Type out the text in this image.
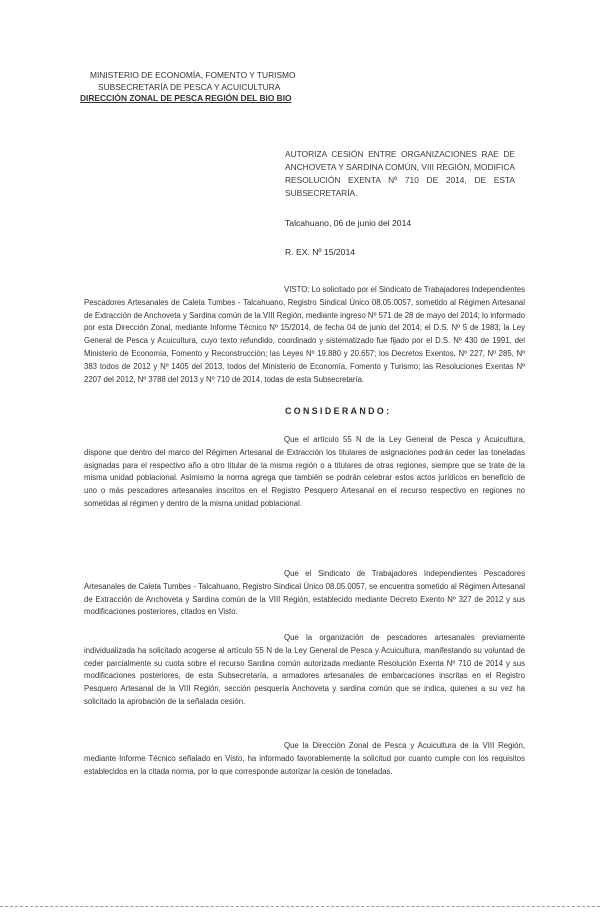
MINISTERIO DE ECONOMÍA, FOMENTO Y TURISMO
SUBSECRETARÍA DE PESCA Y ACUICULTURA
DIRECCIÓN ZONAL DE PESCA REGIÓN DEL BIO BIO
AUTORIZA CESIÓN ENTRE ORGANIZACIONES RAE DE ANCHOVETA Y SARDINA COMÚN, VIII REGIÓN, MODIFICA RESOLUCIÓN EXENTA Nº 710 DE 2014, DE ESTA SUBSECRETARÍA.
Talcahuano, 06 de junio del 2014
R. EX. Nº 15/2014
VISTO: Lo solicitado por el Sindicato de Trabajadores Independientes Pescadores Artesanales de Caleta Tumbes - Talcahuano, Registro Sindical Único 08.05.0057, sometido al Régimen Artesanal de Extracción de Anchoveta y Sardina común de la VIII Región, mediante ingreso Nº 571 de 28 de mayo del 2014; lo informado por esta Dirección Zonal, mediante Informe Técnico Nº 15/2014, de fecha 04 de junio del 2014; el D.S. Nº 5 de 1983; la Ley General de Pesca y Acuicultura, cuyo texto refundido, coordinado y sistematizado fue fijado por el D.S. Nº 430 de 1991, del Ministerio de Economía, Fomento y Reconstrucción; las Leyes Nº 19.880 y 20.657; los Decretos Exentos, Nº 227, Nº 285, Nº 383 todos de 2012 y Nº 1405 del 2013, todos del Ministerio de Economía, Fomento y Turismo; las Resoluciones Exentas Nº 2207 del 2012, Nº 3788 del 2013 y Nº 710 de 2014, todas de esta Subsecretaría.
CONSIDERANDO:
Que el artículo 55 N de la Ley General de Pesca y Acuicultura, dispone que dentro del marco del Régimen Artesanal de Extracción los titulares de asignaciones podrán ceder las toneladas asignadas para el respectivo año a otro titular de la misma región o a titulares de otras regiones, siempre que se trate de la misma unidad poblacional. Asimismo la norma agrega que también se podrán celebrar estos actos jurídicos en beneficio de uno o más pescadores artesanales inscritos en el Registro Pesquero Artesanal en el recurso respectivo en regiones no sometidas al régimen y dentro de la misma unidad poblacional.
Que el Sindicato de Trabajadores Independientes Pescadores Artesanales de Caleta Tumbes - Talcahuano, Registro Sindical Único 08.05.0057, se encuentra sometido al Régimen Artesanal de Extracción de Anchoveta y Sardina común de la VIII Región, establecido mediante Decreto Exento Nº 327 de 2012 y sus modificaciones posteriores, citados en Visto.
Que la organización de pescadores artesanales previamente individualizada ha solicitado acogerse al artículo 55 N de la Ley General de Pesca y Acuicultura, manifestando su voluntad de ceder parcialmente su cuota sobre el recurso Sardina común autorizada mediante Resolución Exenta Nº 710 de 2014 y sus modificaciones posteriores, de esta Subsecretaría, a armadores artesanales de embarcaciones inscritas en el Registro Pesquero Artesanal de la VIII Región, sección pesquería Anchoveta y sardina común que se indica, quienes a su vez ha solicitado la aprobación de la señalada cesión.
Que la Dirección Zonal de Pesca y Acuicultura de la VIII Región, mediante Informe Técnico señalado en Visto, ha informado favorablemente la solicitud por cuanto cumple con los requisitos establecidos en la citada norma, por lo que corresponde autorizar la cesión de toneladas.
